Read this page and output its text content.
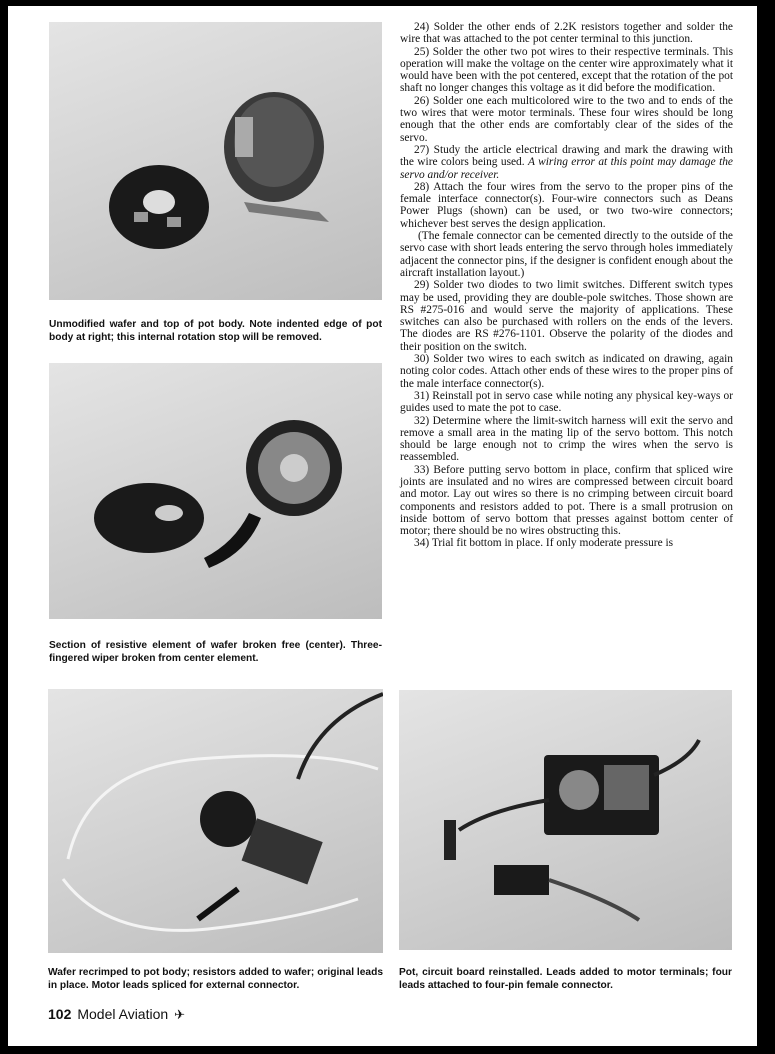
Unmodified wafer and top of pot body. Note indented edge of pot body at right; this internal rotation stop will be removed.
Section of resistive element of wafer broken free (center). Three-fingered wiper broken from center element.
Wafer recrimped to pot body; resistors added to wafer; original leads in place. Motor leads spliced for external connector.
Pot, circuit board reinstalled. Leads added to motor terminals; four leads attached to four-pin female connector.

24) Solder the other ends of 2.2K resistors together and solder the wire that was attached to the pot center terminal to this junction.

25) Solder the other two pot wires to their respective terminals. This operation will make the voltage on the center wire approximately what it would have been with the pot centered, except that the rotation of the pot shaft no longer changes this voltage as it did before the modification.

26) Solder one each multicolored wire to the two and to ends of the two wires that were motor terminals. These four wires should be long enough that the other ends are comfortably clear of the sides of the servo.

27) Study the article electrical drawing and mark the drawing with the wire colors being used. A wiring error at this point may damage the servo and/or receiver.

28) Attach the four wires from the servo to the proper pins of the female interface connector(s). Four-wire connectors such as Deans Power Plugs (shown) can be used, or two two-wire connectors; whichever best serves the design application.

(The female connector can be cemented directly to the outside of the servo case with short leads entering the servo through holes immediately adjacent the connector pins, if the designer is confident enough about the aircraft installation layout.)

29) Solder two diodes to two limit switches. Different switch types may be used, providing they are double-pole switches. Those shown are RS #275-016 and would serve the majority of applications. These switches can also be purchased with rollers on the ends of the levers. The diodes are RS #276-1101. Observe the polarity of the diodes and their position on the switch.

30) Solder two wires to each switch as indicated on drawing, again noting color codes. Attach other ends of these wires to the proper pins of the male interface connector(s).

31) Reinstall pot in servo case while noting any physical key-ways or guides used to mate the pot to case.

32) Determine where the limit-switch harness will exit the servo and remove a small area in the mating lip of the servo bottom. This notch should be large enough not to crimp the wires when the servo is reassembled.

33) Before putting servo bottom in place, confirm that spliced wire joints are insulated and no wires are compressed between circuit board and motor. Lay out wires so there is no crimping between circuit board components and resistors added to pot. There is a small protrusion on inside bottom of servo bottom that presses against bottom center of motor; there should be no wires obstructing this.

34) Trial fit bottom in place. If only moderate pressure is

102 Model Aviation ✈
